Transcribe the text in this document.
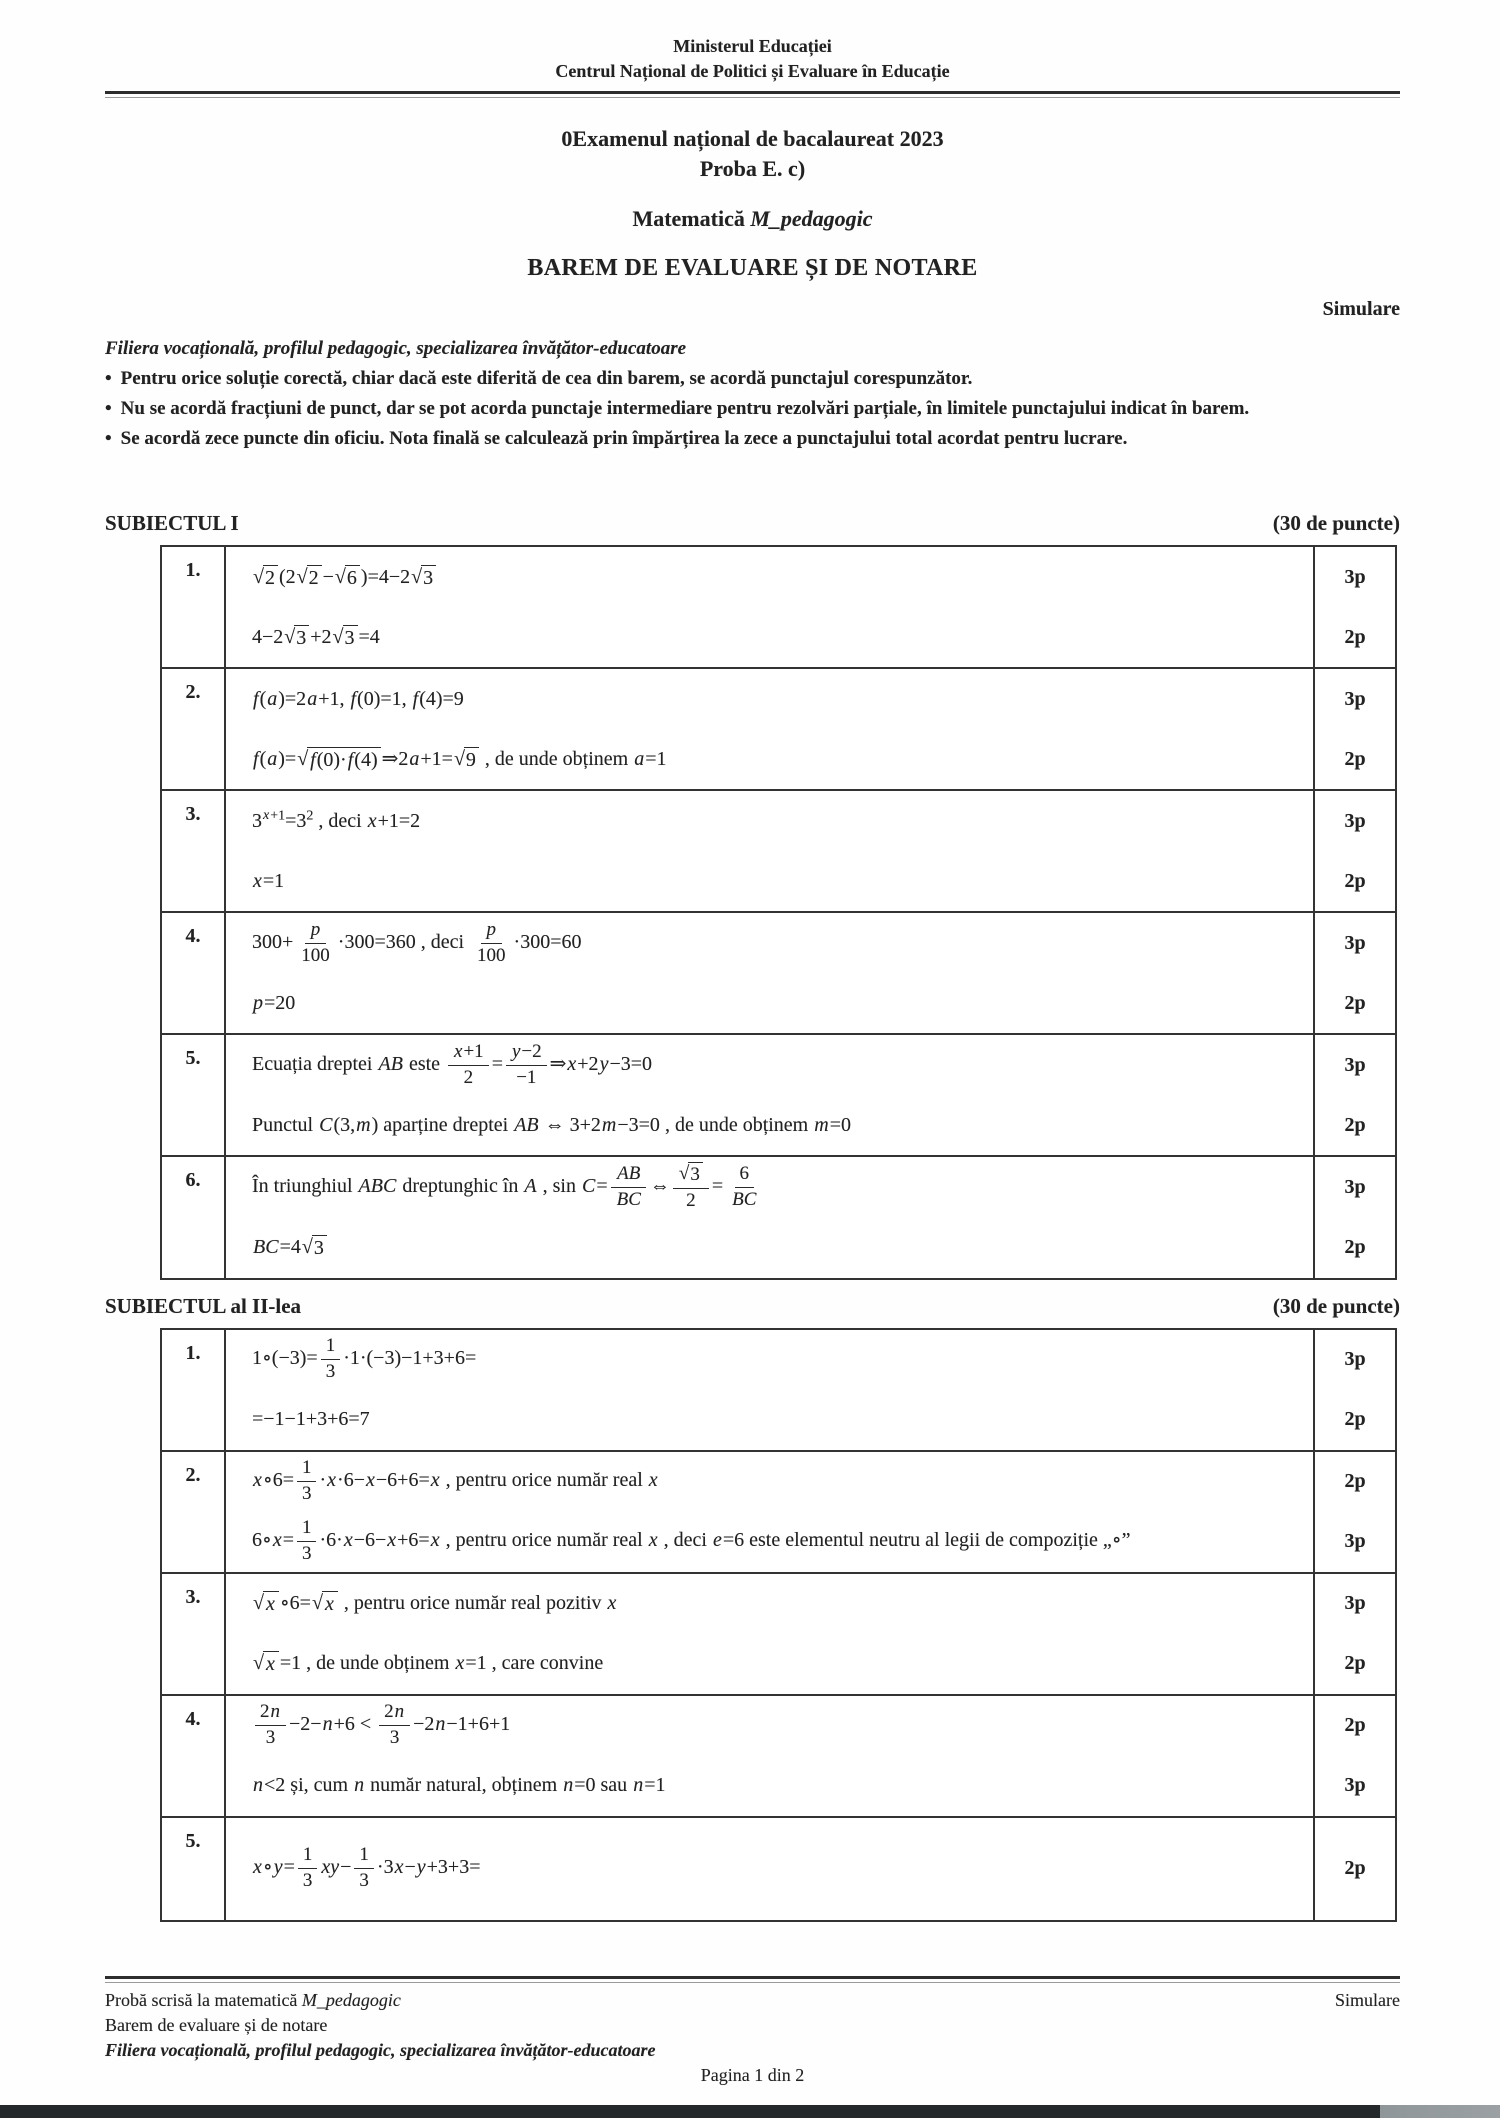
Ministerul Educației
Centrul Național de Politici și Evaluare în Educație
0Examenul național de bacalaureat 2023
Proba E. c)
Matematică M_pedagogic
BAREM DE EVALUARE ȘI DE NOTARE
Simulare
Filiera vocațională, profilul pedagogic, specializarea învățător-educatoare
• Pentru orice soluție corectă, chiar dacă este diferită de cea din barem, se acordă punctajul corespunzător.
• Nu se acordă fracțiuni de punct, dar se pot acorda punctaje intermediare pentru rezolvări parțiale, în limitele punctajului indicat în barem.
• Se acordă zece puncte din oficiu. Nota finală se calculează prin împărțirea la zece a punctajului total acordat pentru lucrare.
SUBIECTUL I	(30 de puncte)
1.	√ 2 (2 √ 2 − √ 6 )=4−2 √ 3	3p
4−2 √ 3 +2 √ 3 =4	2p
2.	f(a)=2a+1, f(0)=1, f(4)=9	3p
f(a)= √ f(0)·f(4) ⇒2a+1= √ 9 , de unde obținem a=1	2p
3.	$3^{x+1}=3^2$ , deci x+1=2	3p
x=1	2p
4.	$300+ \frac{p}{100} \cdot 300=360$ , deci $\frac{p}{100} \cdot 300=60$	3p
p=20	2p
5.	Ecuația dreptei AB este $\frac{x+1}{2} = \frac{y-2}{-1}$ ⇒x+2y−3=0	3p
Punctul C(3,m) aparține dreptei AB ⇔ 3+2m−3=0 , de unde obținem m=0	2p
6.	În triunghiul ABC dreptunghic în A , $\sin C= \frac{AB}{BC}$ ⇔ $\frac{√ 3}{2} = \frac{6}{BC}$	3p
BC=4 √ 3	2p
SUBIECTUL al II-lea	(30 de puncte)
1.	1∘(−3)= $\frac{1}{3} \cdot 1\cdot(-3)-1+3+6=$	3p
=−1−1+3+6=7	2p
2.	x∘6= $\frac{1}{3} \cdot x\cdot 6-x-6+6=x$ , pentru orice număr real x	2p
6∘x= $\frac{1}{3} \cdot 6\cdot x-6-x+6=x$ , pentru orice număr real x , deci e=6 este elementul neutru al legii de compoziție „∘”	3p
3.	√ x ∘6= √ x , pentru orice număr real pozitiv x	3p
√ x =1 , de unde obținem x=1 , care convine	2p
4.	$\frac{2n}{3} -2-n+6 < \frac{2n}{3} -2n-1+6+1$	2p
n<2 și, cum n număr natural, obținem n=0 sau n=1	3p
5.
x∘y= $\frac{1}{3} xy- \frac{1}{3} \cdot 3x-y+3+3=$	2p
Probă scrisă la matematică M_pedagogic	Simulare
Barem de evaluare și de notare
Filiera vocațională, profilul pedagogic, specializarea învățător-educatoare
Pagina 1 din 2
